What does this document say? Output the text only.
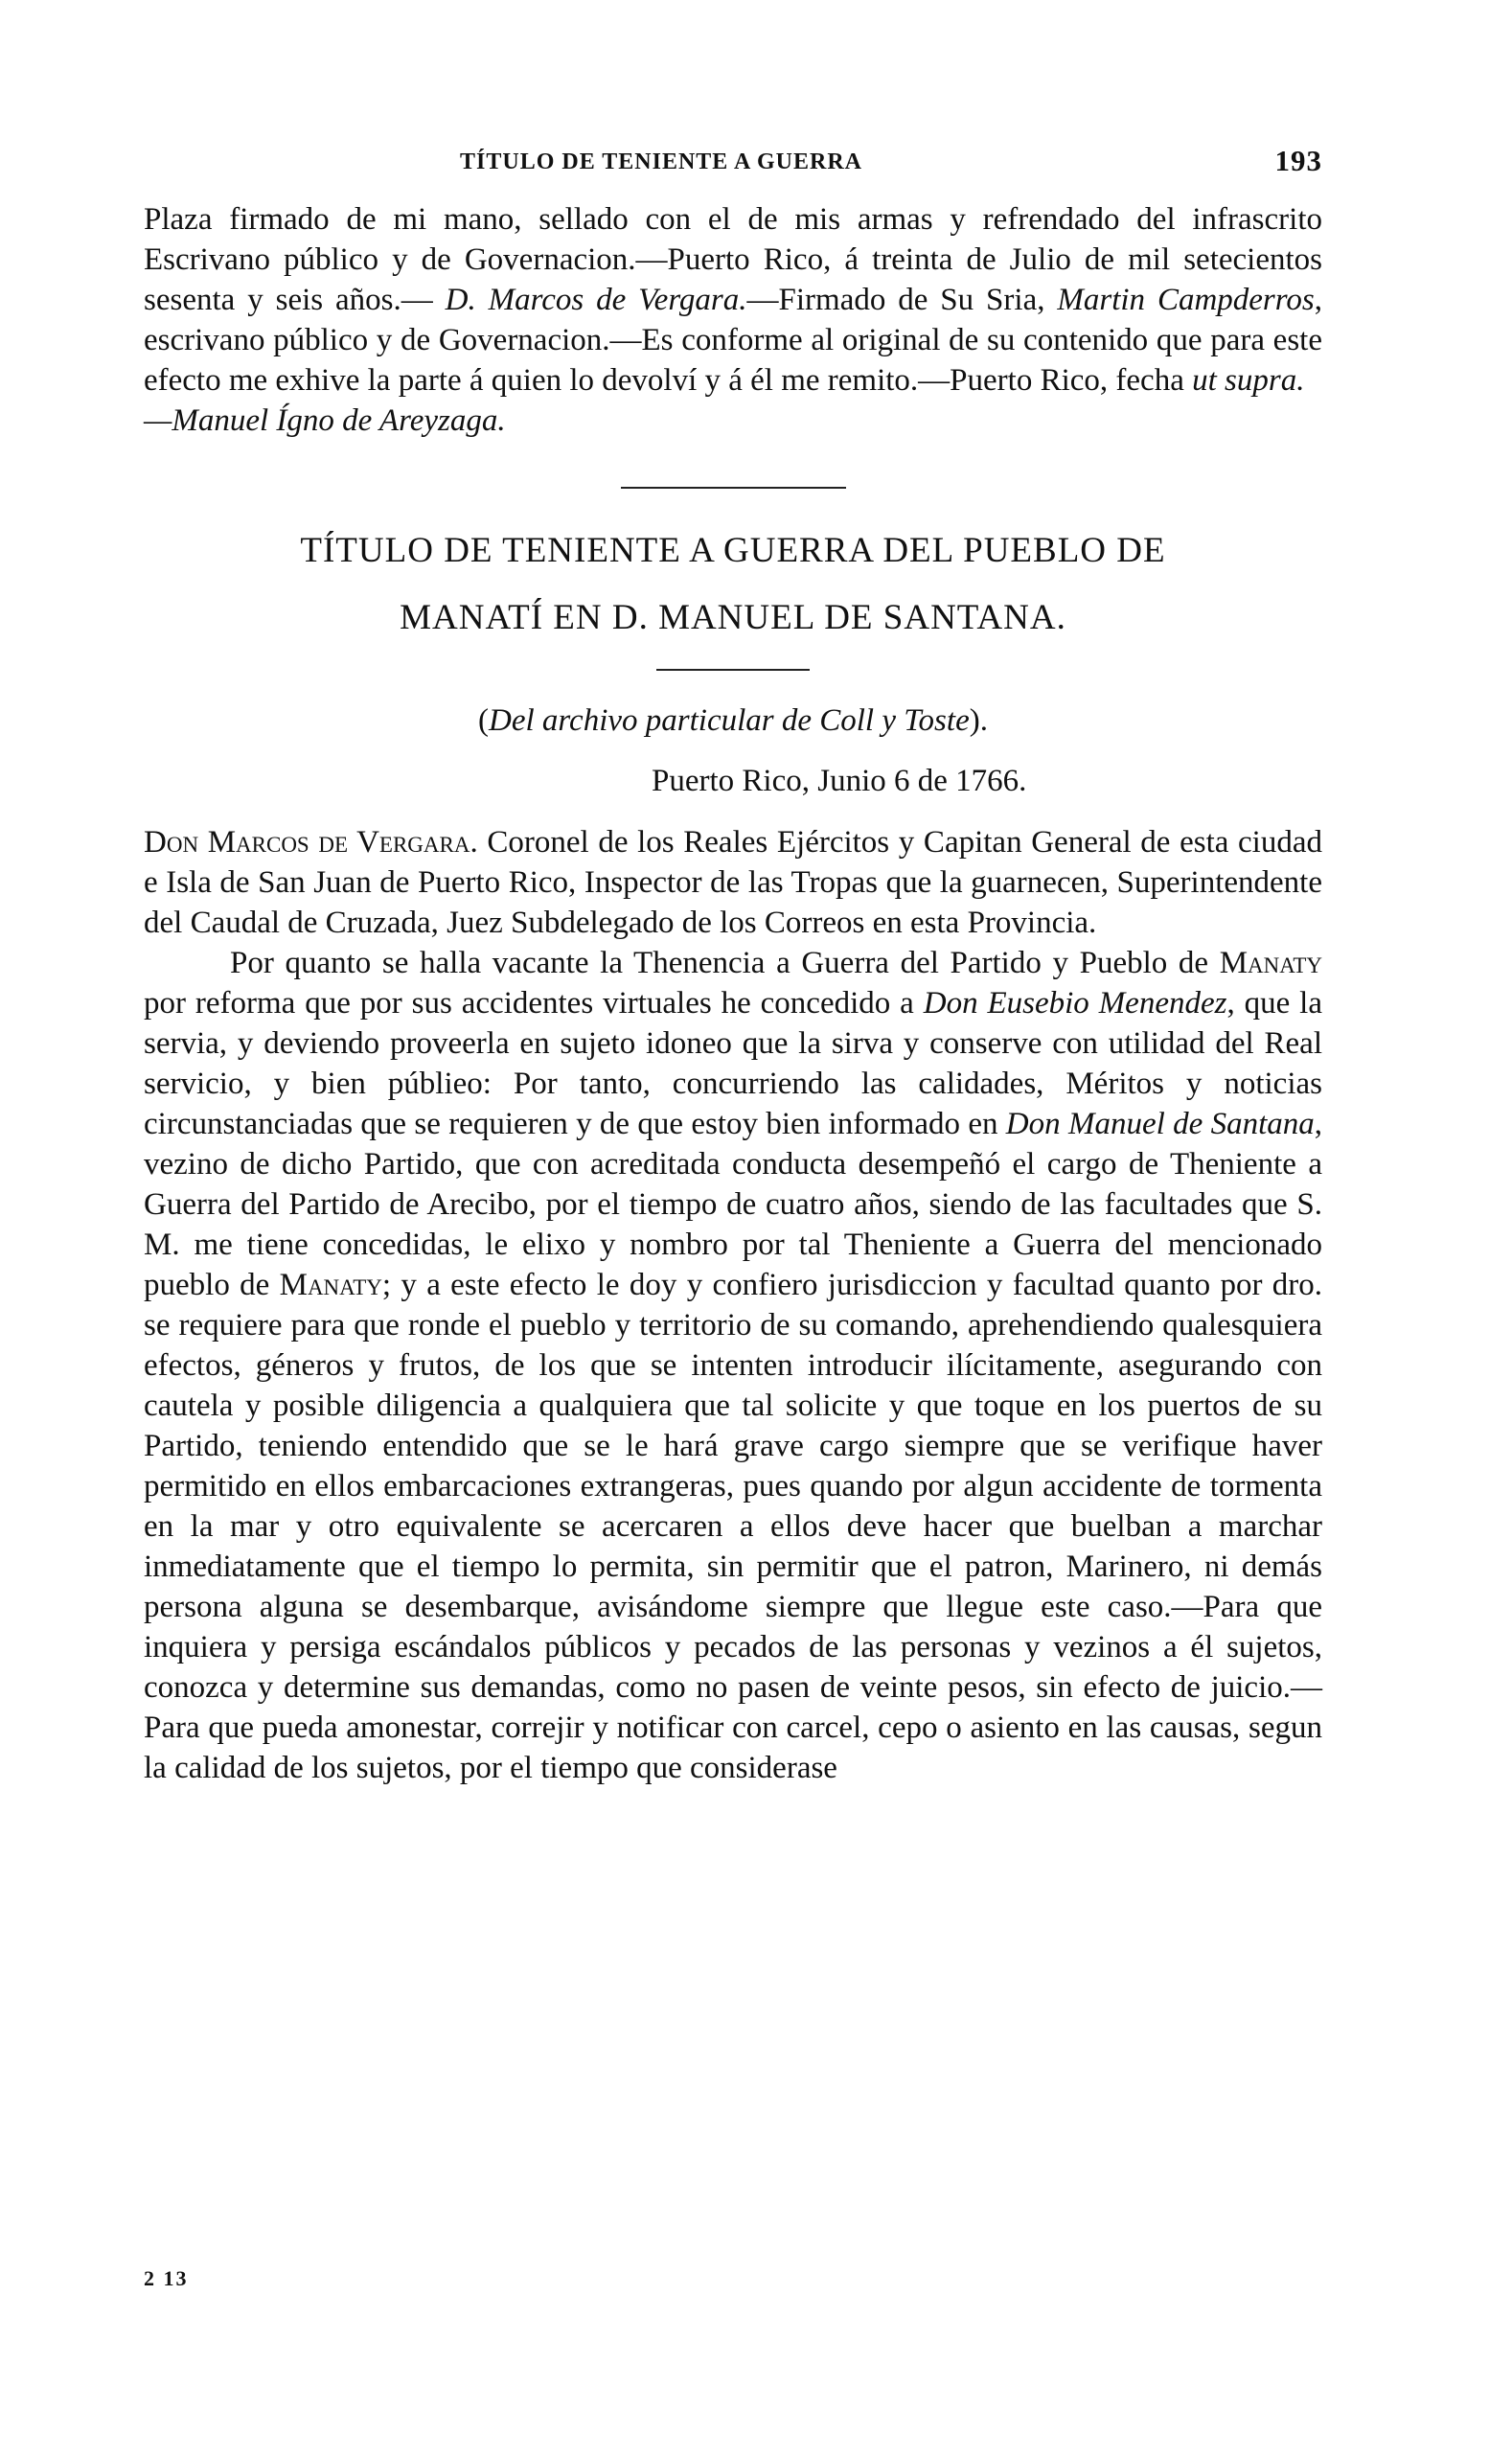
TÍTULO DE TENIENTE A GUERRA	193

Plaza firmado de mi mano, sellado con el de mis armas y refrendado del infrascrito Escrivano público y de Governacion.—Puerto Rico, á treinta de Julio de mil setecientos sesenta y seis años.— D. Marcos de Vergara.—Firmado de Su Sria, Martin Campderros, escrivano público y de Governacion.—Es conforme al original de su contenido que para este efecto me exhive la parte á quien lo devolví y á él me remito.—Puerto Rico, fecha ut supra.
—Manuel Ígno de Areyzaga.

TÍTULO DE TENIENTE A GUERRA DEL PUEBLO DE
MANATÍ EN D. MANUEL DE SANTANA.
(Del archivo particular de Coll y Toste).
Puerto Rico, Junio 6 de 1766.

Don Marcos de Vergara. Coronel de los Reales Ejércitos y Capitan General de esta ciudad e Isla de San Juan de Puerto Rico, Inspector de las Tropas que la guarnecen, Superintendente del Caudal de Cruzada, Juez Subdelegado de los Correos en esta Provincia.

Por quanto se halla vacante la Thenencia a Guerra del Partido y Pueblo de Manaty por reforma que por sus accidentes virtuales he concedido a Don Eusebio Menendez, que la servia, y deviendo proveerla en sujeto idoneo que la sirva y conserve con utilidad del Real servicio, y bien públieo: Por tanto, concurriendo las calidades, Méritos y noticias circunstanciadas que se requieren y de que estoy bien informado en Don Manuel de Santana, vezino de dicho Partido, que con acreditada conducta desempeñó el cargo de Theniente a Guerra del Partido de Arecibo, por el tiempo de cuatro años, siendo de las facultades que S. M. me tiene concedidas, le elixo y nombro por tal Theniente a Guerra del mencionado pueblo de Manaty; y a este efecto le doy y confiero jurisdiccion y facultad quanto por dro. se requiere para que ronde el pueblo y territorio de su comando, aprehendiendo qualesquiera efectos, géneros y frutos, de los que se intenten introducir ilícitamente, asegurando con cautela y posible diligencia a qualquiera que tal solicite y que toque en los puertos de su Partido, teniendo entendido que se le hará grave cargo siempre que se verifique haver permitido en ellos embarcaciones extrangeras, pues quando por algun accidente de tormenta en la mar y otro equivalente se acercaren a ellos deve hacer que buelban a marchar inmediatamente que el tiempo lo permita, sin permitir que el patron, Marinero, ni demás persona alguna se desembarque, avisándome siempre que llegue este caso.—Para que inquiera y persiga escándalos públicos y pecados de las personas y vezinos a él sujetos, conozca y determine sus demandas, como no pasen de veinte pesos, sin efecto de juicio.—Para que pueda amonestar, correjir y notificar con carcel, cepo o asiento en las causas, segun la calidad de los sujetos, por el tiempo que considerase

2 13
